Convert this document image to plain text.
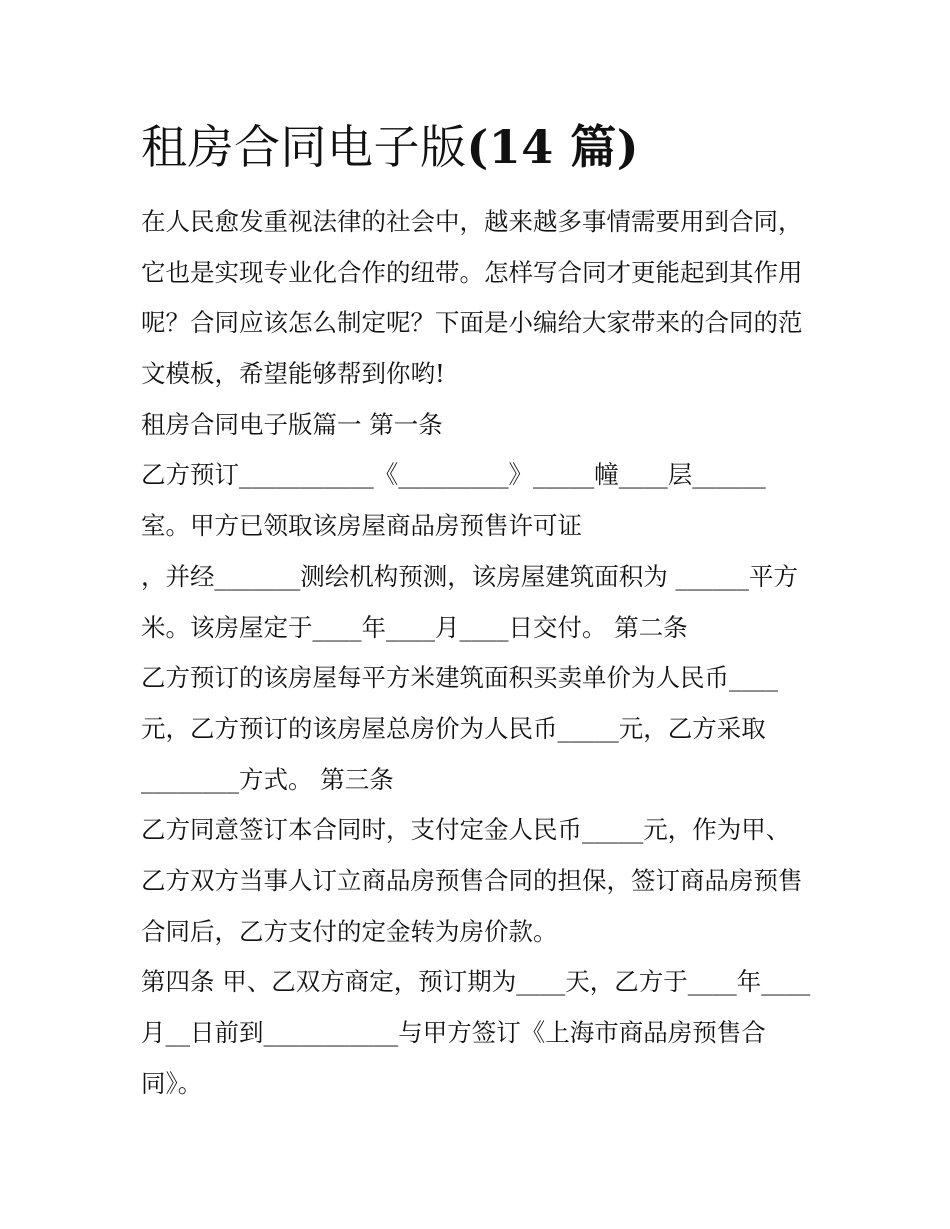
租房合同电子版(14 篇)
在人民愈发重视法律的社会中，越来越多事情需要用到合同，
它也是实现专业化合作的纽带。怎样写合同才更能起到其作用
呢？合同应该怎么制定呢？下面是小编给大家带来的合同的范
文模板，希望能够帮到你哟!
租房合同电子版篇一 第一条
乙方预订___________《_________》_____幢____层______
室。甲方已领取该房屋商品房预售许可证
，并经_______测绘机构预测，该房屋建筑面积为 ______平方
米。该房屋定于____年____月____日交付。 第二条
乙方预订的该房屋每平方米建筑面积买卖单价为人民币____
元，乙方预订的该房屋总房价为人民币_____元，乙方采取
________方式。 第三条
乙方同意签订本合同时，支付定金人民币_____元，作为甲、
乙方双方当事人订立商品房预售合同的担保，签订商品房预售
合同后，乙方支付的定金转为房价款。
第四条 甲、乙双方商定，预订期为____天，乙方于____年____
月__日前到___________与甲方签订《上海市商品房预售合
同》。
